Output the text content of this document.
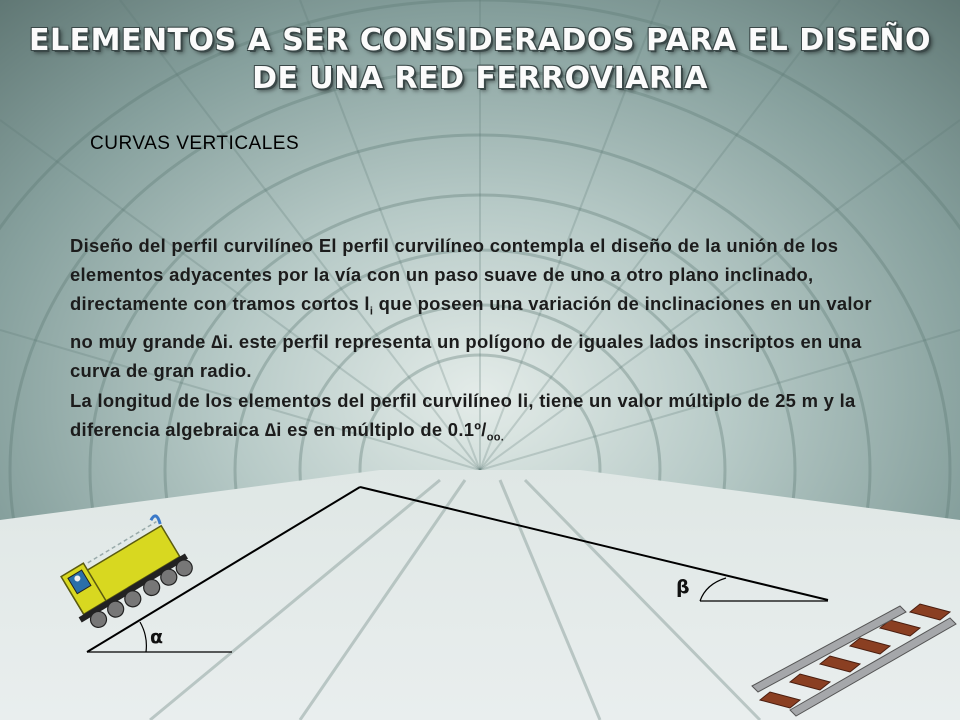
ELEMENTOS A SER CONSIDERADOS PARA EL DISEÑO
DE UNA RED FERROVIARIA
CURVAS VERTICALES

Diseño del perfil curvilíneo El perfil curvilíneo contempla el diseño de la unión de los elementos adyacentes por la vía con un paso suave de uno a otro plano inclinado, directamente con tramos cortos $l_i$ que poseen una variación de inclinaciones en un valor no muy grande ∆i. este perfil representa un polígono de iguales lados inscriptos en una curva de gran radio.

La longitud de los elementos del perfil curvilíneo li, tiene un valor múltiplo de 25 m y la diferencia algebraica ∆i es en múltiplo de $0.1º/_{oo.}$

α
β
